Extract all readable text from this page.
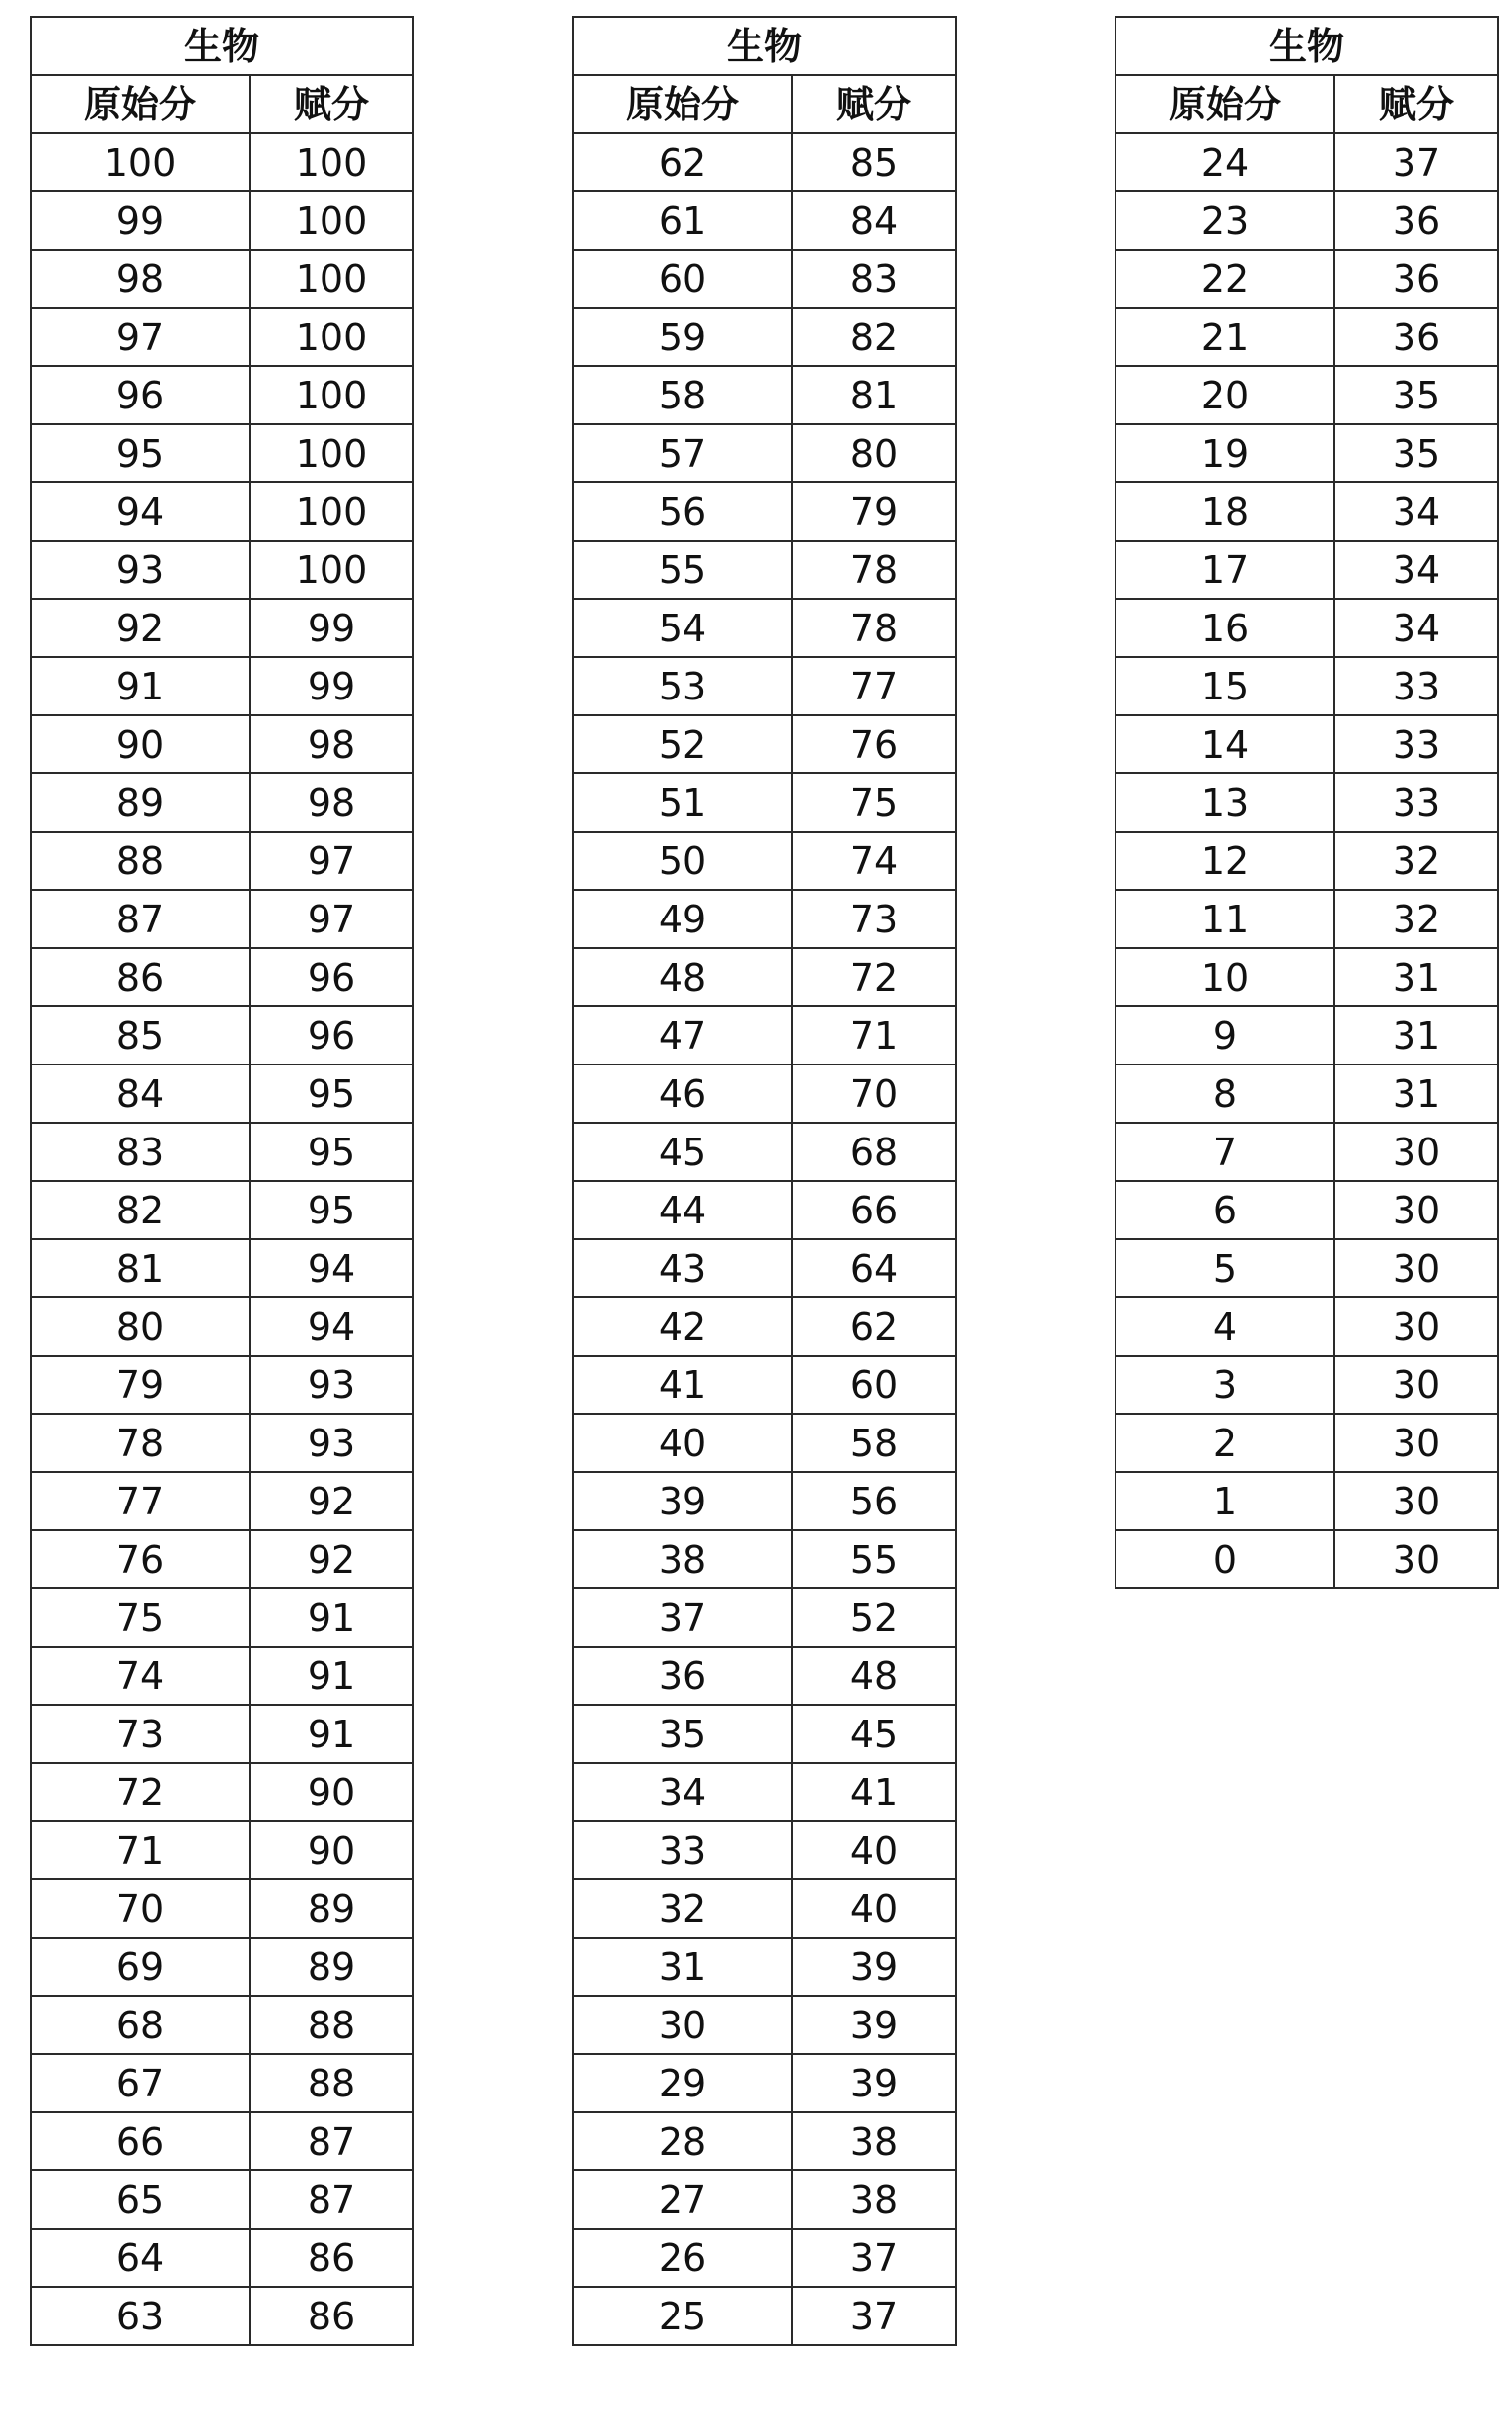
生物	
原始分	赋分
100	100
99	100
98	100
97	100
96	100
95	100
94	100
93	100
92	99
91	99
90	98
89	98
88	97
87	97
86	96
85	96
84	95
83	95
82	95
81	94
80	94
79	93
78	93
77	92
76	92
75	91
74	91
73	91
72	90
71	90
70	89
69	89
68	88
67	88
66	87
65	87
64	86
63	86
生物	
原始分	赋分
62	85
61	84
60	83
59	82
58	81
57	80
56	79
55	78
54	78
53	77
52	76
51	75
50	74
49	73
48	72
47	71
46	70
45	68
44	66
43	64
42	62
41	60
40	58
39	56
38	55
37	52
36	48
35	45
34	41
33	40
32	40
31	39
30	39
29	39
28	38
27	38
26	37
25	37
生物	
原始分	赋分
24	37
23	36
22	36
21	36
20	35
19	35
18	34
17	34
16	34
15	33
14	33
13	33
12	32
11	32
10	31
9	31
8	31
7	30
6	30
5	30
4	30
3	30
2	30
1	30
0	30
